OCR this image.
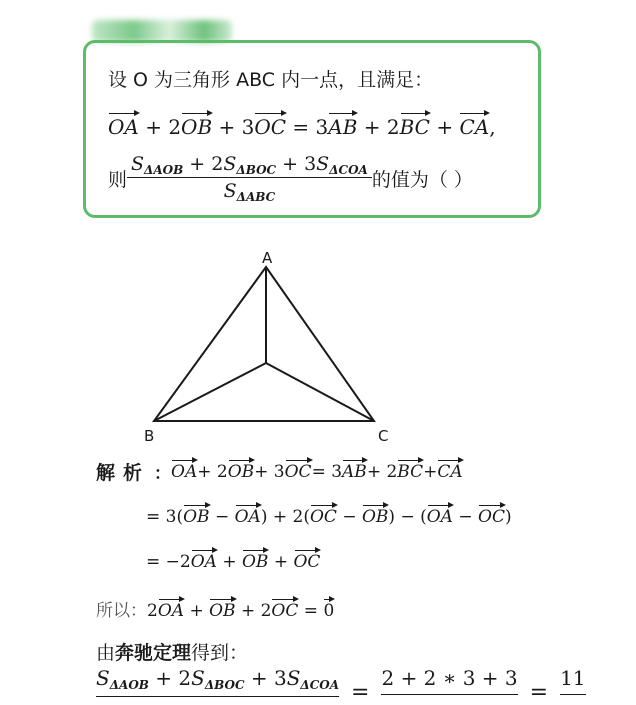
设 O 为三角形 ABC 内一点，且满足：
OA + 2OB + 3OC = 3AB + 2BC + CA,
则 $\frac{S_{\Delta AOB} + 2S_{\Delta BOC} + 3S_{\Delta COA}}{S_{\Delta ABC}}$ 的值为（ ）
A
B	C
解析 ： OA + 2 OB + 3 OC = 3 AB + 2 BC + CA
= 3(OB − OA) + 2(OC − OB) − (OA − OC)
= −2OA + OB + OC
所以：2OA + OB + 2OC = 0
由奔驰定理得到：
$S_{\Delta AOB} + 2S_{\Delta BOC} + 3S_{\Delta COA}$ =
2 + 2 ∗ 3 + 3
=
11
